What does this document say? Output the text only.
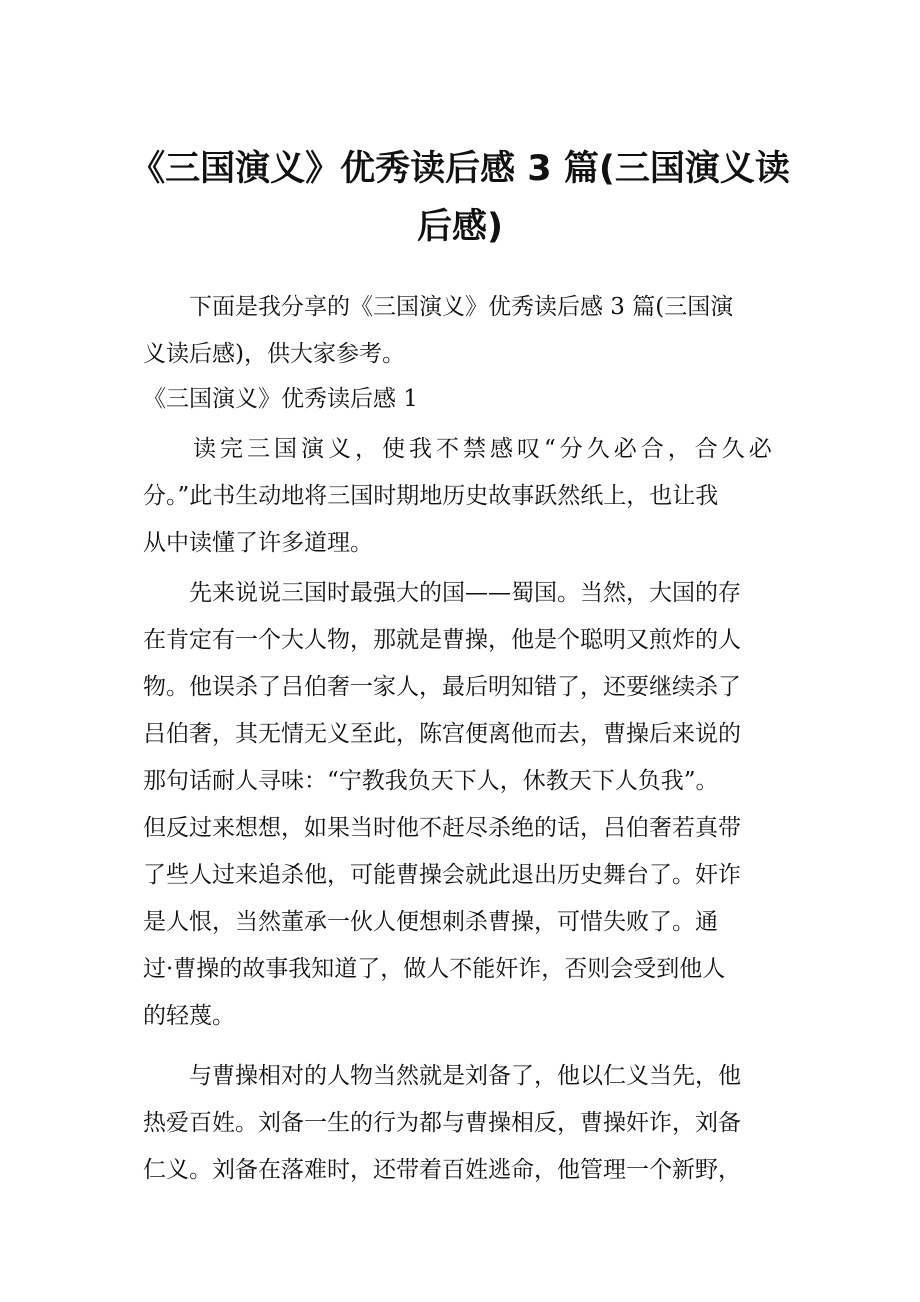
《三国演义》优秀读后感 3 篇(三国演义读
后感)

下面是我分享的《三国演义》优秀读后感 3 篇(三国演
义读后感)，供大家参考。

《三国演义》优秀读后感 1

读完三国演义，使我不禁感叹“分久必合，合久必
分。”此书生动地将三国时期地历史故事跃然纸上，也让我
从中读懂了许多道理。

先来说说三国时最强大的国——蜀国。当然，大国的存
在肯定有一个大人物，那就是曹操，他是个聪明又煎炸的人
物。他误杀了吕伯奢一家人，最后明知错了，还要继续杀了
吕伯奢，其无情无义至此，陈宫便离他而去，曹操后来说的
那句话耐人寻味：“宁教我负天下人，休教天下人负我”。
但反过来想想，如果当时他不赶尽杀绝的话，吕伯奢若真带
了些人过来追杀他，可能曹操会就此退出历史舞台了。奸诈
是人恨，当然董承一伙人便想刺杀曹操，可惜失败了。通
过·曹操的故事我知道了，做人不能奸诈，否则会受到他人
的轻蔑。

与曹操相对的人物当然就是刘备了，他以仁义当先，他
热爱百姓。刘备一生的行为都与曹操相反，曹操奸诈，刘备
仁义。刘备在落难时，还带着百姓逃命，他管理一个新野，
